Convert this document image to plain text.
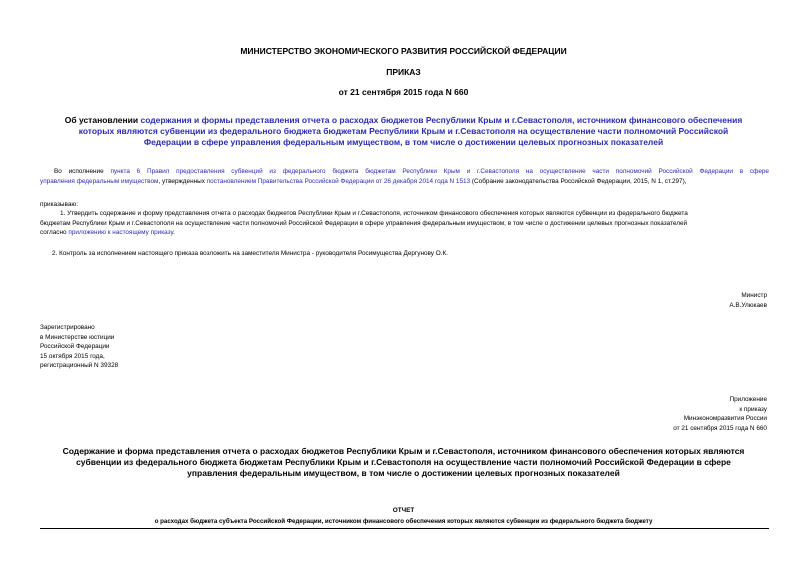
МИНИСТЕРСТВО ЭКОНОМИЧЕСКОГО РАЗВИТИЯ РОССИЙСКОЙ ФЕДЕРАЦИИ
ПРИКАЗ
от 21 сентября 2015 года N 660
Об установлении содержания и формы представления отчета о расходах бюджетов Республики Крым и г.Севастополя, источником финансового обеспечения
которых являются субвенции из федерального бюджета бюджетам Республики Крым и г.Севастополя на осуществление части полномочий Российской
Федерации в сфере управления федеральным имуществом, в том числе о достижении целевых прогнозных показателей
Во исполнение пункта 6 Правил предоставления субвенций из федерального бюджета бюджетам Республики Крым и г.Севастополя на осуществление части полномочий Российской Федерации в сфере
управления федеральным имуществом, утвержденных постановлением Правительства Российской Федерации от 26 декабря 2014 года N 1513 (Собрание законодательства Российской Федерации, 2015, N 1, ст.297),
приказываю:
1. Утвердить содержание и форму представления отчета о расходах бюджетов Республики Крым и г.Севастополя, источником финансового обеспечения которых являются субвенции из федерального бюджета
бюджетам Республики Крым и г.Севастополя на осуществление части полномочий Российской Федерации в сфере управления федеральным имуществом, в том числе о достижении целевых прогнозных показателей
согласно приложению к настоящему приказу.
2. Контроль за исполнением настоящего приказа возложить на заместителя Министра - руководителя Росимущества Дергунову О.К.
Министр
А.В.Улюкаев
Зарегистрировано
в Министерстве юстиции
Российской Федерации
15 октября 2015 года,
регистрационный N 39328
Приложение
к приказу
Минэкономразвития России
от 21 сентября 2015 года N 660
Содержание и форма представления отчета о расходах бюджетов Республики Крым и г.Севастополя, источником финансового обеспечения которых являются
субвенции из федерального бюджета бюджетам Республики Крым и г.Севастополя на осуществление части полномочий Российской Федерации в сфере
управления федеральным имуществом, в том числе о достижении целевых прогнозных показателей
ОТЧЕТ
о расходах бюджета субъекта Российской Федерации, источником финансового обеспечения которых являются субвенции из федерального бюджета бюджету
